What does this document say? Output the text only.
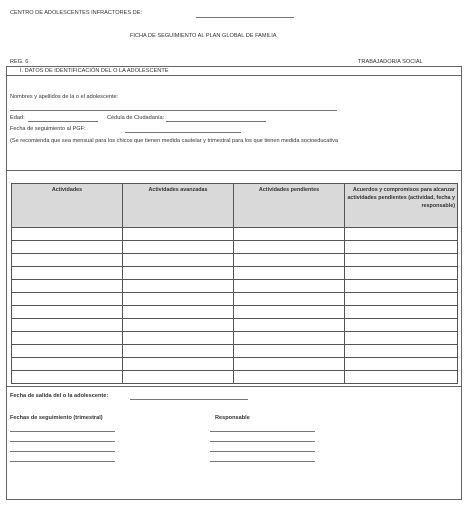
CENTRO DE ADOLESCENTES INFRACTORES DE:
FICHA DE SEGUIMIENTO AL PLAN GLOBAL DE FAMILIA
REG. 6	TRABAJADOR/A SOCIAL
I. DATOS DE IDENTIFICACIÓN DEL O LA ADOLESCENTE
Nombres y apellidos de la o el adolescente:
Edad:	Cédula de Ciudadanía:
Fecha de seguimiento al PGF:
(Se recomienda que sea mensual para los chicos que tienen medida cautelar y trimestral para los que tienen medida socioeducativa
Actividades	Actividades avanzadas	Actividades pendientes	Acuerdos y compromisos para alcanzar actividades pendientes (actividad, fecha y responsable)

Fecha de salida del o la adolescente:
Fechas de seguimiento (trimestral)	Responsable
